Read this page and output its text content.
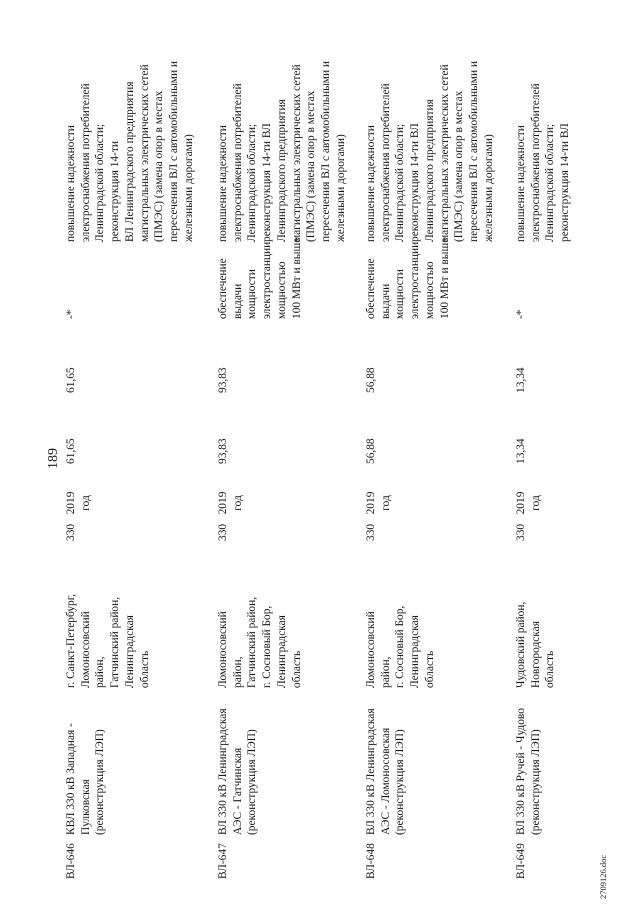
189
2709126.doc
ВЛ-646
КВЛ 330 кВ Западная -
Пулковская
(реконструкция ЛЭП)
г. Санкт-Петербург,
Ломоносовский
район,
Гатчинский район,
Ленинградская
область
330
2019
год
61,65
61,65
-*
повышение надежности
электроснабжения потребителей
Ленинградской области;
реконструкция 14-ти
ВЛ Ленинградского предприятия
магистральных электрических сетей
(ПМЭС) (замена опор в местах
пересечения ВЛ с автомобильными и
железными дорогами)
ВЛ-647
ВЛ 330 кВ Ленинградская
АЭС - Гатчинская
(реконструкция ЛЭП)
Ломоносовский
район,
Гатчинский район,
г. Сосновый Бор,
Ленинградская
область
330
2019
год
93,83
93,83
обеспечение
выдачи
мощности
электростанции
мощностью
100 МВт и выше
повышение надежности
электроснабжения потребителей
Ленинградской области;
реконструкция 14-ти ВЛ
Ленинградского предприятия
магистральных электрических сетей
(ПМЭС) (замена опор в местах
пересечения ВЛ с автомобильными и
железными дорогами)
ВЛ-648
ВЛ 330 кВ Ленинградская
АЭС - Ломоносовская
(реконструкция ЛЭП)
Ломоносовский
район,
г. Сосновый Бор,
Ленинградская
область
330
2019
год
56,88
56,88
обеспечение
выдачи
мощности
электростанции
мощностью
100 МВт и выше
повышение надежности
электроснабжения потребителей
Ленинградской области;
реконструкция 14-ти ВЛ
Ленинградского предприятия
магистральных электрических сетей
(ПМЭС) (замена опор в местах
пересечения ВЛ с автомобильными и
железными дорогами)
ВЛ-649
ВЛ 330 кВ Ручей - Чудово
(реконструкция ЛЭП)
Чудовский район,
Новгородская
область
330
2019
год
13,34
13,34
-*
повышение надежности
электроснабжения потребителей
Ленинградской области;
реконструкция 14-ти ВЛ
